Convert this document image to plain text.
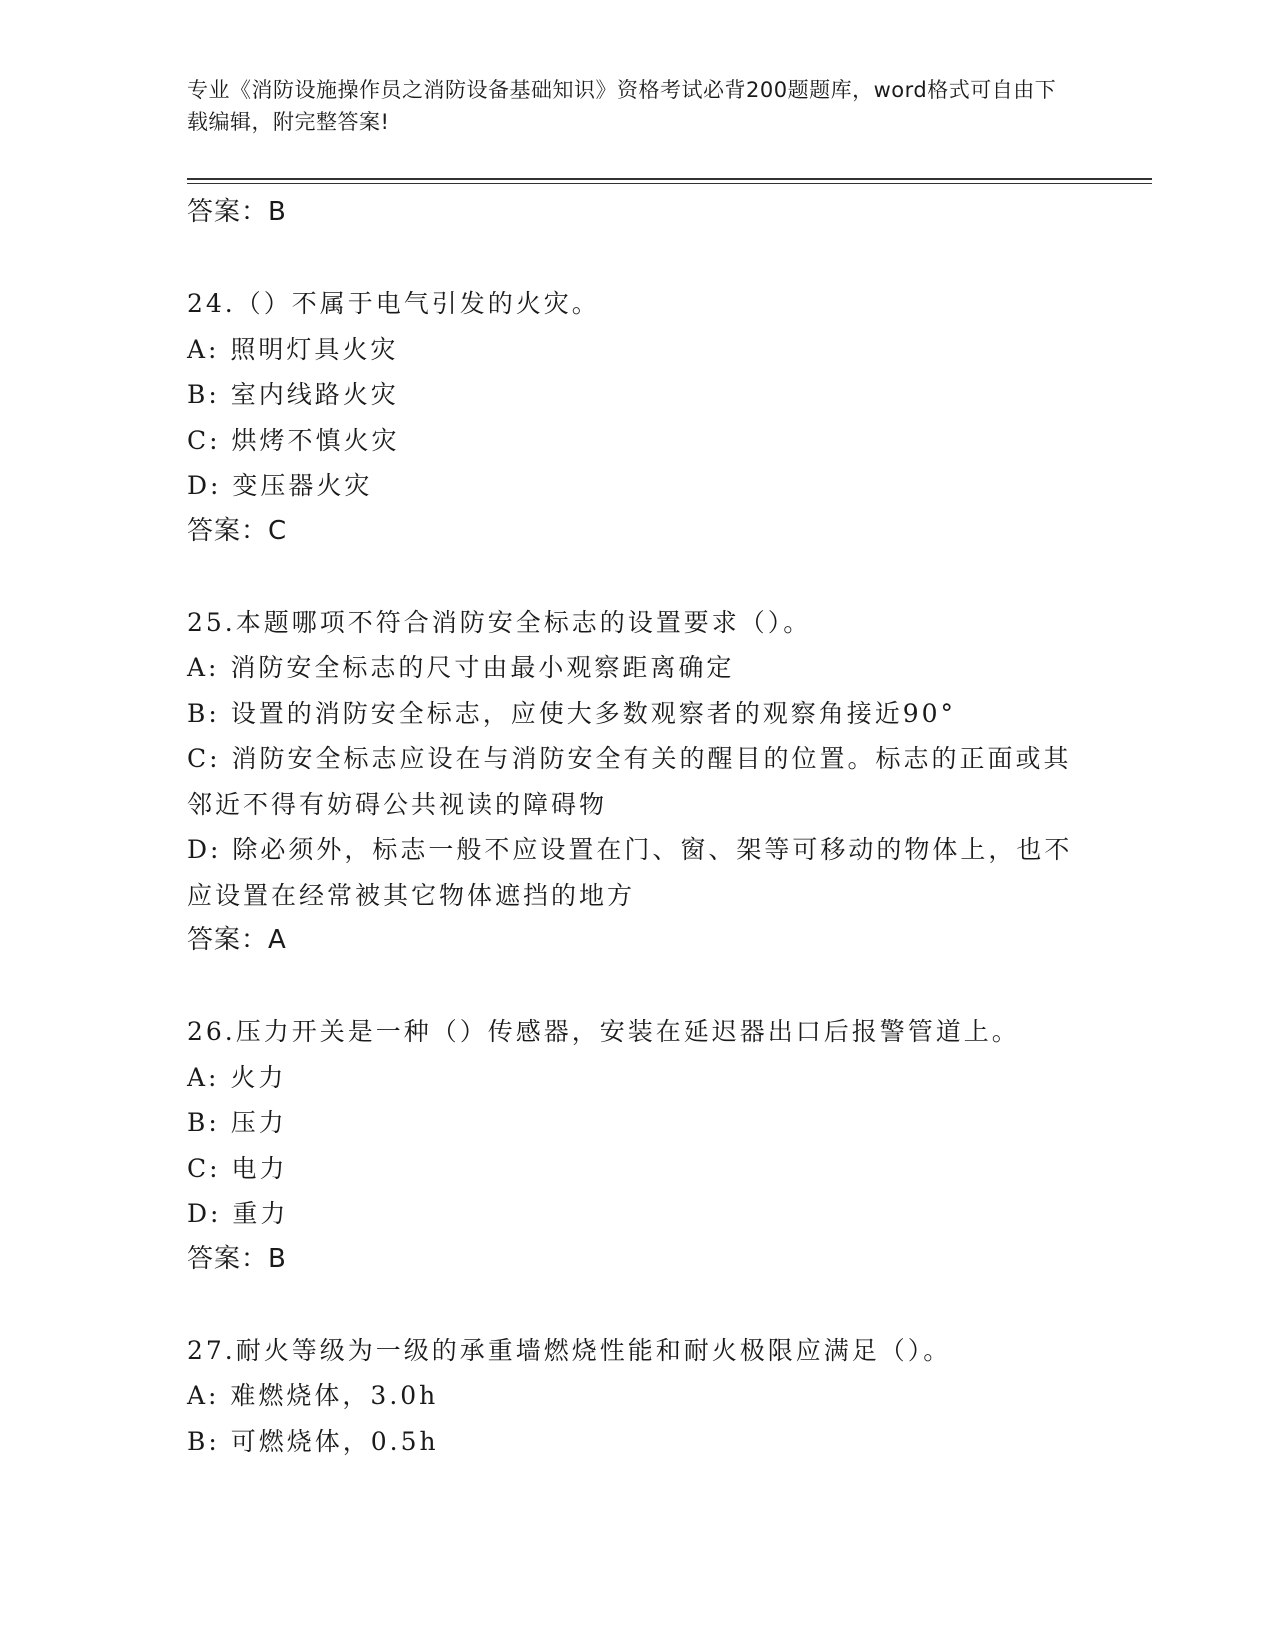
专业《消防设施操作员之消防设备基础知识》资格考试必背200题题库，word格式可自由下载编辑，附完整答案!
答案：B
24.（）不属于电气引发的火灾。
A: 照明灯具火灾
B: 室内线路火灾
C: 烘烤不慎火灾
D: 变压器火灾
答案：C
25.本题哪项不符合消防安全标志的设置要求（）。
A: 消防安全标志的尺寸由最小观察距离确定
B: 设置的消防安全标志，应使大多数观察者的观察角接近90°
C: 消防安全标志应设在与消防安全有关的醒目的位置。标志的正面或其邻近不得有妨碍公共视读的障碍物
D: 除必须外，标志一般不应设置在门、窗、架等可移动的物体上，也不应设置在经常被其它物体遮挡的地方
答案：A
26.压力开关是一种（）传感器，安装在延迟器出口后报警管道上。
A: 火力
B: 压力
C: 电力
D: 重力
答案：B
27.耐火等级为一级的承重墙燃烧性能和耐火极限应满足（）。
A: 难燃烧体，3.0h
B: 可燃烧体，0.5h
